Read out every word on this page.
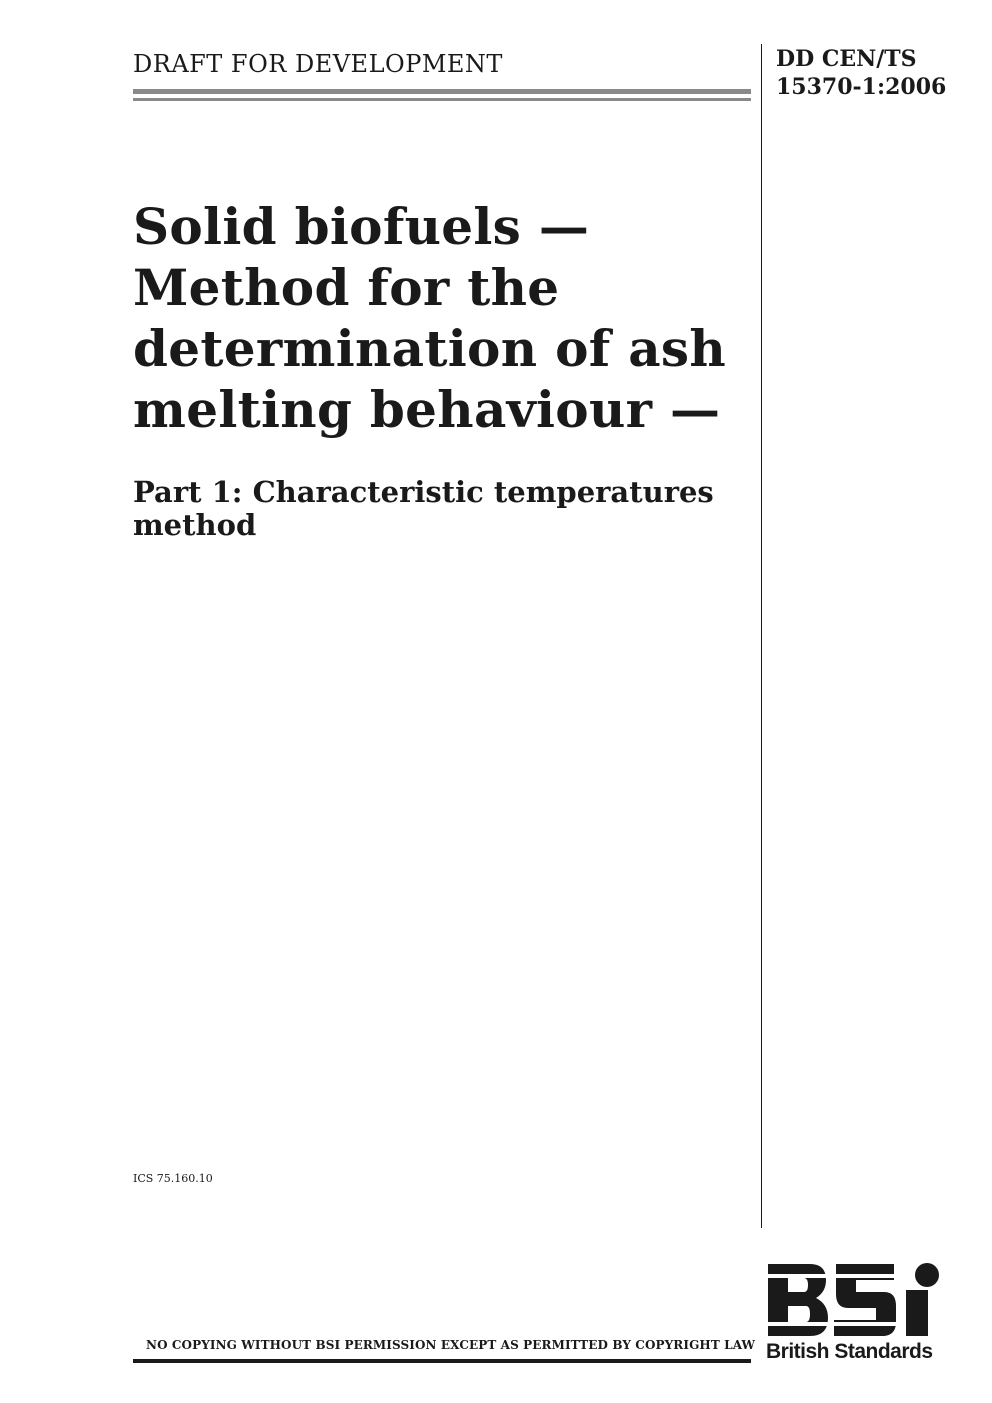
DRAFT FOR DEVELOPMENT	DD CEN/TS
15370-1:2006
Solid biofuels —
Method for the
determination of ash
melting behaviour —
Part 1: Characteristic temperatures
method
ICS 75.160.10
NO COPYING WITHOUT BSI PERMISSION EXCEPT AS PERMITTED BY COPYRIGHT LAW British Standards
